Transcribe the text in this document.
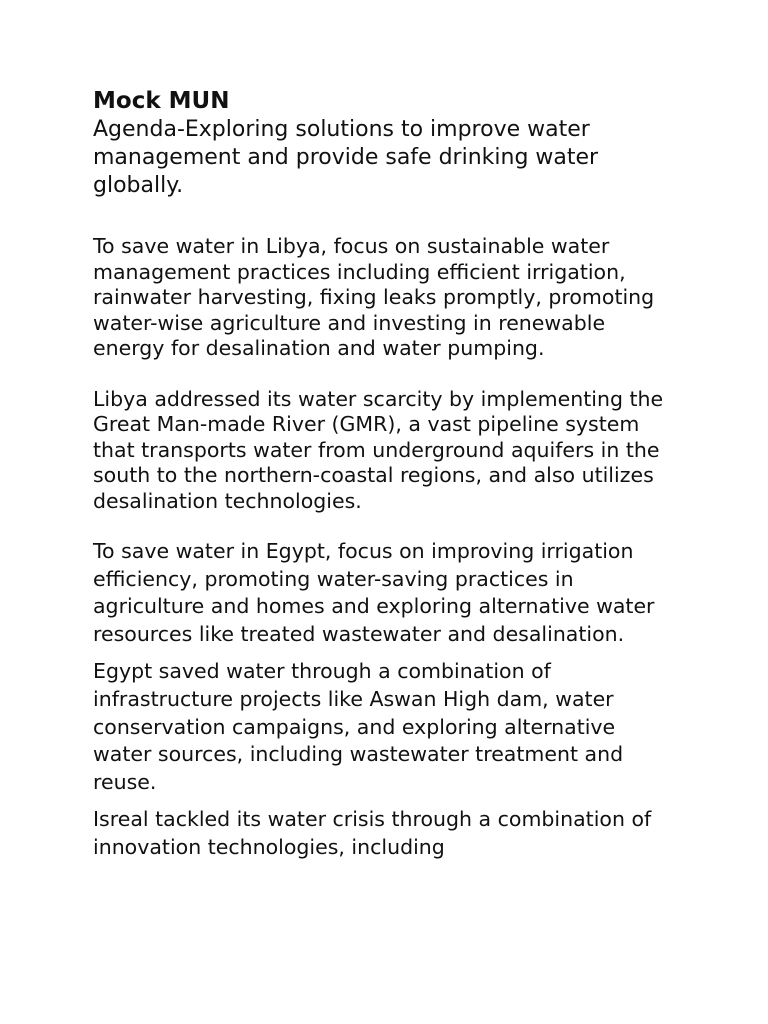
Mock MUN

Agenda-Exploring solutions to improve water management and provide safe drinking water globally.

To save water in Libya, focus on sustainable water management practices including efficient irrigation, rainwater harvesting, fixing leaks promptly, promoting water-wise agriculture and investing in renewable energy for desalination and water pumping.

Libya addressed its water scarcity by implementing the Great Man-made River (GMR), a vast pipeline system that transports water from underground aquifers in the south to the northern-coastal regions, and also utilizes desalination technologies.

To save water in Egypt, focus on improving irrigation efficiency, promoting water-saving practices in agriculture and homes and exploring alternative water resources like treated wastewater and desalination.

Egypt saved water through a combination of infrastructure projects like Aswan High dam, water conservation campaigns, and exploring alternative water sources, including wastewater treatment and reuse.

Isreal tackled its water crisis through a combination of innovation technologies, including
